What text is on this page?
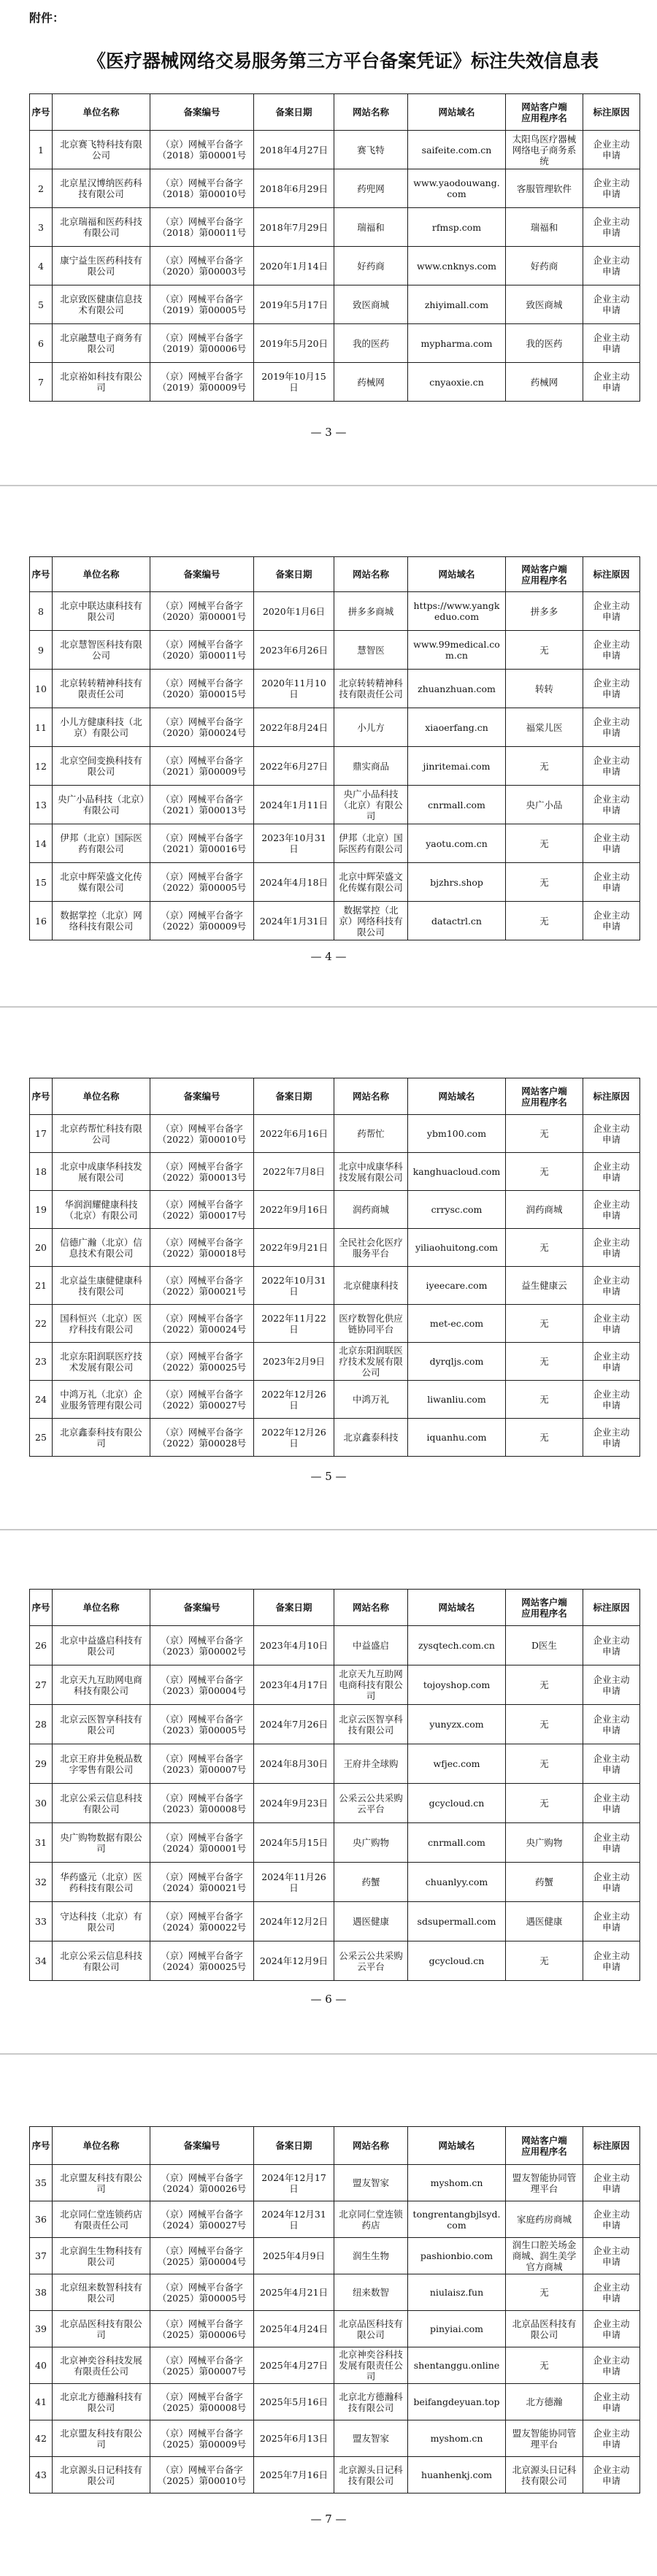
附件：
《医疗器械网络交易服务第三方平台备案凭证》标注失效信息表
序号	单位名称	备案编号	备案日期	网站名称	网站域名	网站客户端应用程序名	标注原因
1	北京赛飞特科技有限公司	（京）网械平台备字（2018）第00001号	2018年4月27日	赛飞特	saifeite.com.cn	太阳鸟医疗器械网络电子商务系统	企业主动申请
2	北京星汉博纳医药科技有限公司	（京）网械平台备字（2018）第00010号	2018年6月29日	药兜网	www.yaodouwang.com	客服管理软件	企业主动申请
3	北京瑞福和医药科技有限公司	（京）网械平台备字（2018）第00011号	2018年7月29日	瑞福和	rfmsp.com	瑞福和	企业主动申请
4	康宁益生医药科技有限公司	（京）网械平台备字（2020）第00003号	2020年1月14日	好药商	www.cnknys.com	好药商	企业主动申请
5	北京致医健康信息技术有限公司	（京）网械平台备字（2019）第00005号	2019年5月17日	致医商城	zhiyimall.com	致医商城	企业主动申请
6	北京融慧电子商务有限公司	（京）网械平台备字（2019）第00006号	2019年5月20日	我的医药	mypharma.com	我的医药	企业主动申请
7	北京裕如科技有限公司	（京）网械平台备字（2019）第00009号	2019年10月15日	药械网	cnyaoxie.cn	药械网	企业主动申请
— 3 —
序号	单位名称	备案编号	备案日期	网站名称	网站域名	网站客户端应用程序名	标注原因
8	北京中联达康科技有限公司	（京）网械平台备字（2020）第00001号	2020年1月6日	拼多多商城	https://www.yangkeduo.com	拼多多	企业主动申请
9	北京慧智医科技有限公司	（京）网械平台备字（2020）第00011号	2023年6月26日	慧智医	www.99medical.com.cn	无	企业主动申请
10	北京转转精神科技有限责任公司	（京）网械平台备字（2020）第00015号	2020年11月10日	北京转转精神科技有限责任公司	zhuanzhuan.com	转转	企业主动申请
11	小儿方健康科技（北京）有限公司	（京）网械平台备字（2020）第00024号	2022年8月24日	小儿方	xiaoerfang.cn	福棠儿医	企业主动申请
12	北京空间变换科技有限公司	（京）网械平台备字（2021）第00009号	2022年6月27日	鼎实商品	jinritemai.com	无	企业主动申请
13	央广小品科技（北京）有限公司	（京）网械平台备字（2021）第00013号	2024年1月11日	央广小品科技（北京）有限公司	cnrmall.com	央广小品	企业主动申请
14	伊邦（北京）国际医药有限公司	（京）网械平台备字（2021）第00016号	2023年10月31日	伊邦（北京）国际医药有限公司	yaotu.com.cn	无	企业主动申请
15	北京中辉荣盛文化传媒有限公司	（京）网械平台备字（2022）第00005号	2024年4月18日	北京中辉荣盛文化传媒有限公司	bjzhrs.shop	无	企业主动申请
16	数据掌控（北京）网络科技有限公司	（京）网械平台备字（2022）第00009号	2024年1月31日	数据掌控（北京）网络科技有限公司	datactrl.cn	无	企业主动申请
— 4 —
序号	单位名称	备案编号	备案日期	网站名称	网站域名	网站客户端应用程序名	标注原因
17	北京药帮忙科技有限公司	（京）网械平台备字（2022）第00010号	2022年6月16日	药帮忙	ybm100.com	无	企业主动申请
18	北京中成康华科技发展有限公司	（京）网械平台备字（2022）第00013号	2022年7月8日	北京中成康华科技发展有限公司	kanghuacloud.com	无	企业主动申请
19	华润润耀健康科技（北京）有限公司	（京）网械平台备字（2022）第00017号	2022年9月16日	润药商城	crrysc.com	润药商城	企业主动申请
20	信德广瀚（北京）信息技术有限公司	（京）网械平台备字（2022）第00018号	2022年9月21日	全民社会化医疗服务平台	yiliaohuitong.com	无	企业主动申请
21	北京益生康健健康科技有限公司	（京）网械平台备字（2022）第00021号	2022年10月31日	北京健康科技	iyeecare.com	益生健康云	企业主动申请
22	国科恒兴（北京）医疗科技有限公司	（京）网械平台备字（2022）第00024号	2022年11月22日	医疗数智化供应链协同平台	met-ec.com	无	企业主动申请
23	北京东阳润联医疗技术发展有限公司	（京）网械平台备字（2022）第00025号	2023年2月9日	北京东阳润联医疗技术发展有限公司	dyrqljs.com	无	企业主动申请
24	中鸿万礼（北京）企业服务管理有限公司	（京）网械平台备字（2022）第00027号	2022年12月26日	中鸿万礼	liwanliu.com	无	企业主动申请
25	北京鑫泰科技有限公司	（京）网械平台备字（2022）第00028号	2022年12月26日	北京鑫泰科技	iquanhu.com	无	企业主动申请
— 5 —
序号	单位名称	备案编号	备案日期	网站名称	网站域名	网站客户端应用程序名	标注原因
26	北京中益盛启科技有限公司	（京）网械平台备字（2023）第00002号	2023年4月10日	中益盛启	zysqtech.com.cn	D医生	企业主动申请
27	北京天九互助网电商科技有限公司	（京）网械平台备字（2023）第00004号	2023年4月17日	北京天九互助网电商科技有限公司	tojoyshop.com	无	企业主动申请
28	北京云医智享科技有限公司	（京）网械平台备字（2023）第00005号	2024年7月26日	北京云医智享科技有限公司	yunyzx.com	无	企业主动申请
29	北京王府井免税品数字零售有限公司	（京）网械平台备字（2023）第00007号	2024年8月30日	王府井全球购	wfjec.com	无	企业主动申请
30	北京公采云信息科技有限公司	（京）网械平台备字（2023）第00008号	2024年9月23日	公采云公共采购云平台	gcycloud.cn	无	企业主动申请
31	央广购物数据有限公司	（京）网械平台备字（2024）第00001号	2024年5月15日	央广购物	cnrmall.com	央广购物	企业主动申请
32	华药盛元（北京）医药科技有限公司	（京）网械平台备字（2024）第00021号	2024年11月26日	药蟹	chuanlyy.com	药蟹	企业主动申请
33	守达科技（北京）有限公司	（京）网械平台备字（2024）第00022号	2024年12月2日	遇医健康	sdsupermall.com	遇医健康	企业主动申请
34	北京公采云信息科技有限公司	（京）网械平台备字（2024）第00025号	2024年12月9日	公采云公共采购云平台	gcycloud.cn	无	企业主动申请
— 6 —
序号	单位名称	备案编号	备案日期	网站名称	网站域名	网站客户端应用程序名	标注原因
35	北京盟友科技有限公司	（京）网械平台备字（2024）第00026号	2024年12月17日	盟友智家	myshom.cn	盟友智能协同管理平台	企业主动申请
36	北京同仁堂连锁药店有限责任公司	（京）网械平台备字（2024）第00027号	2024年12月31日	北京同仁堂连锁药店	tongrentangbjlsyd.com	家庭药房商城	企业主动申请
37	北京润生生物科技有限公司	（京）网械平台备字（2025）第00004号	2025年4月9日	润生生物	pashionbio.com	润生口腔关场金商城、润生美学官方商城	企业主动申请
38	北京纽来数智科技有限公司	（京）网械平台备字（2025）第00005号	2025年4月21日	纽来数智	niulaisz.fun	无	企业主动申请
39	北京品医科技有限公司	（京）网械平台备字（2025）第00006号	2025年4月24日	北京品医科技有限公司	pinyiai.com	北京品医科技有限公司	企业主动申请
40	北京神奕谷科技发展有限责任公司	（京）网械平台备字（2025）第00007号	2025年4月27日	北京神奕谷科技发展有限责任公司	shentanggu.online	无	企业主动申请
41	北京北方德瀚科技有限公司	（京）网械平台备字（2025）第00008号	2025年5月16日	北京北方德瀚科技有限公司	beifangdeyuan.top	北方德瀚	企业主动申请
42	北京盟友科技有限公司	（京）网械平台备字（2025）第00009号	2025年6月13日	盟友智家	myshom.cn	盟友智能协同管理平台	企业主动申请
43	北京源头日记科技有限公司	（京）网械平台备字（2025）第00010号	2025年7月16日	北京源头日记科技有限公司	huanhenkj.com	北京源头日记科技有限公司	企业主动申请
— 7 —
